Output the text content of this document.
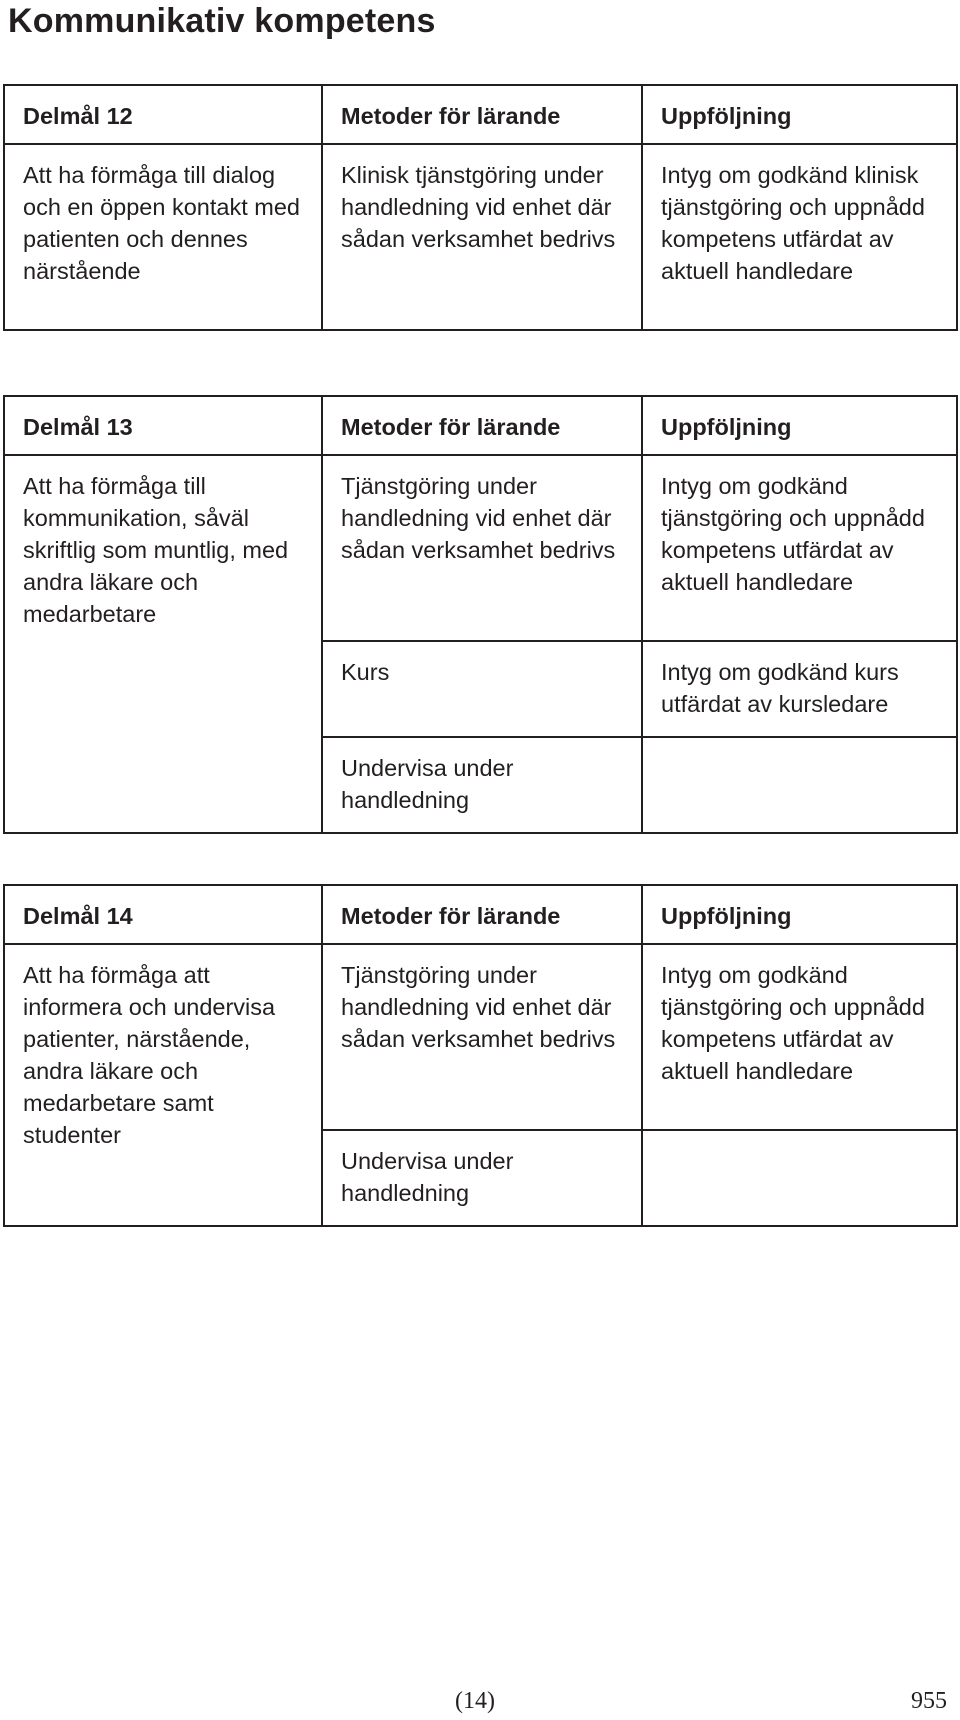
Kommunikativ kompetens
Delmål 12	Metoder för lärande	Uppföljning
Att ha förmåga till dialog och en öppen kontakt med patienten och dennes närstående	Klinisk tjänstgöring under handledning vid enhet där sådan verksamhet bedrivs	Intyg om godkänd klinisk tjänstgöring och uppnådd kompetens utfärdat av aktuell handledare
Delmål 13	Metoder för lärande	Uppföljning
Att ha förmåga till kommunikation, såväl skriftlig som muntlig, med andra läkare och medarbetare	Tjänstgöring under handledning vid enhet där sådan verksamhet bedrivs	Intyg om godkänd tjänstgöring och uppnådd kompetens utfärdat av aktuell handledare
	Kurs	Intyg om godkänd kurs utfärdat av kursledare
	Undervisa under handledning	
Delmål 14	Metoder för lärande	Uppföljning
Att ha förmåga att informera och undervisa patienter, närstående, andra läkare och medarbetare samt studenter	Tjänstgöring under handledning vid enhet där sådan verksamhet bedrivs	Intyg om godkänd tjänstgöring och uppnådd kompetens utfärdat av aktuell handledare
	Undervisa under handledning	
(14)	955
